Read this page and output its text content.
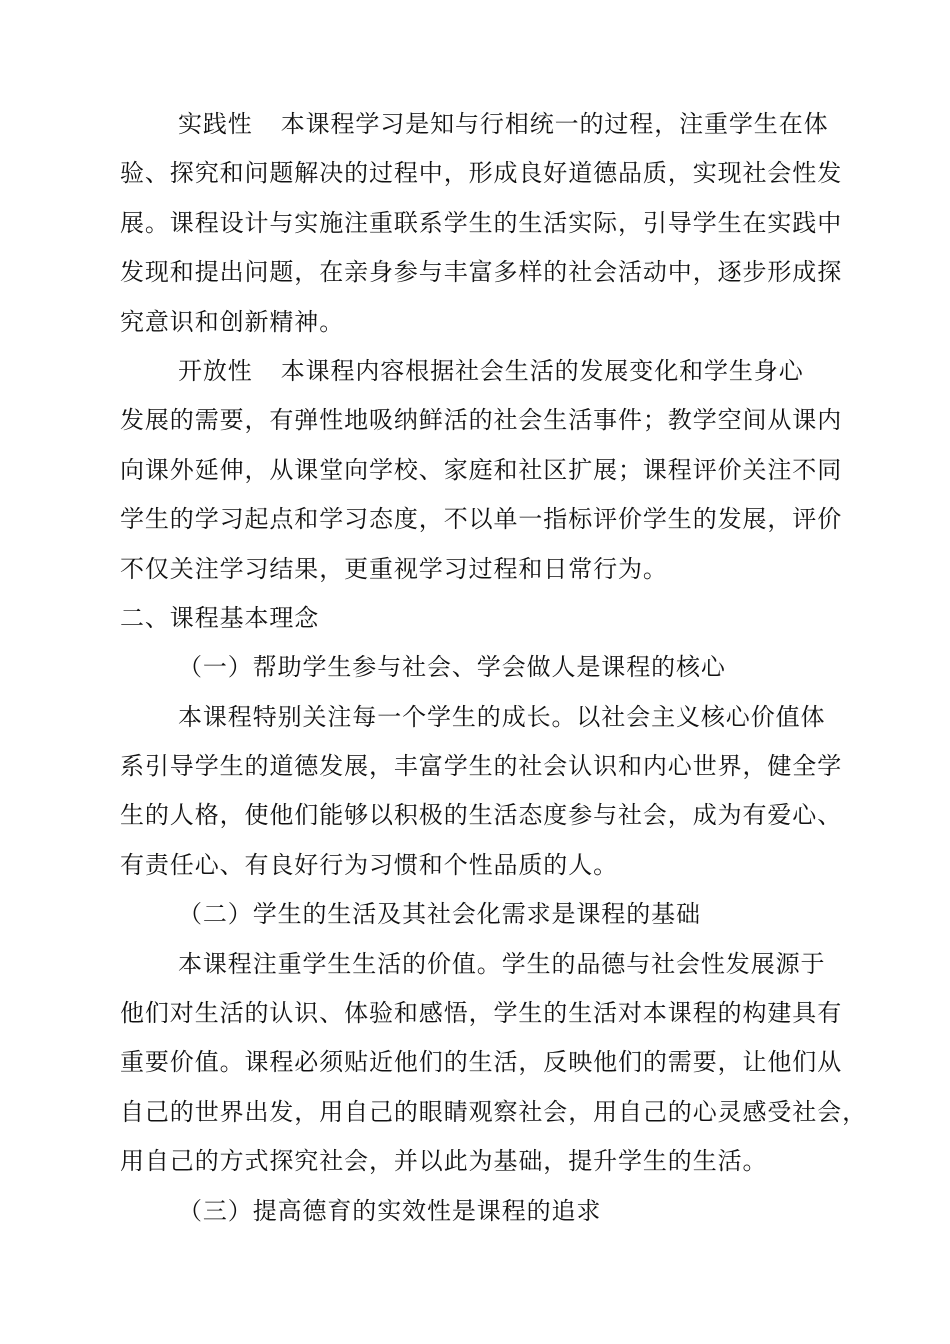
实践性 本课程学习是知与行相统一的过程，注重学生在体
验、探究和问题解决的过程中，形成良好道德品质，实现社会性发
展。课程设计与实施注重联系学生的生活实际，引导学生在实践中
发现和提出问题，在亲身参与丰富多样的社会活动中，逐步形成探
究意识和创新精神。
开放性 本课程内容根据社会生活的发展变化和学生身心
发展的需要，有弹性地吸纳鲜活的社会生活事件；教学空间从课内
向课外延伸，从课堂向学校、家庭和社区扩展；课程评价关注不同
学生的学习起点和学习态度，不以单一指标评价学生的发展，评价
不仅关注学习结果，更重视学习过程和日常行为。
二、课程基本理念
（一）帮助学生参与社会、学会做人是课程的核心
本课程特别关注每一个学生的成长。以社会主义核心价值体
系引导学生的道德发展，丰富学生的社会认识和内心世界，健全学
生的人格，使他们能够以积极的生活态度参与社会，成为有爱心、
有责任心、有良好行为习惯和个性品质的人。
（二）学生的生活及其社会化需求是课程的基础
本课程注重学生生活的价值。学生的品德与社会性发展源于
他们对生活的认识、体验和感悟，学生的生活对本课程的构建具有
重要价值。课程必须贴近他们的生活，反映他们的需要，让他们从
自己的世界出发，用自己的眼睛观察社会，用自己的心灵感受社会，
用自己的方式探究社会，并以此为基础，提升学生的生活。
（三）提高德育的实效性是课程的追求
